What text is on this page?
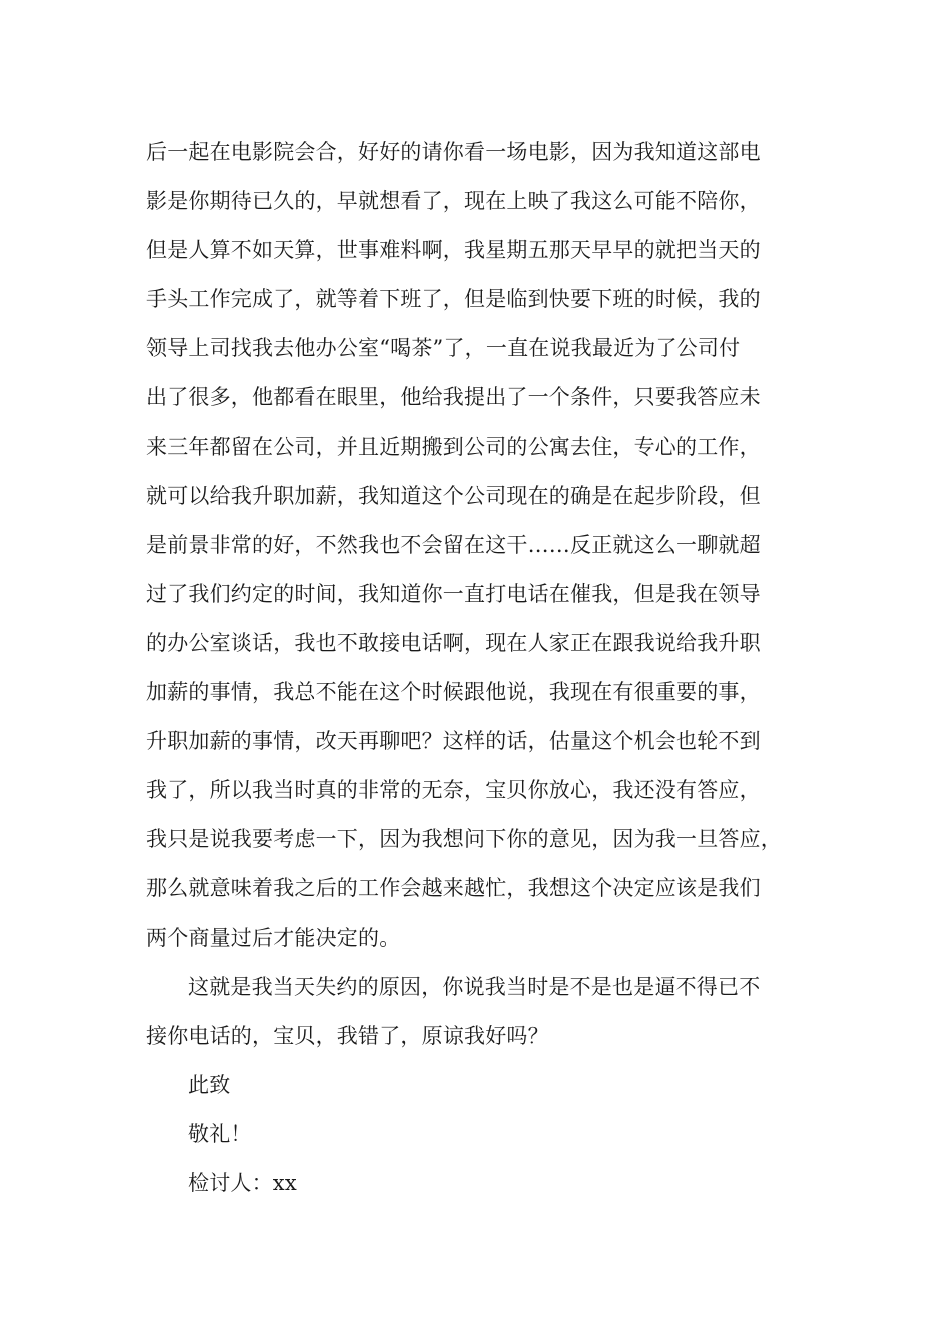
后一起在电影院会合，好好的请你看一场电影，因为我知道这部电
影是你期待已久的，早就想看了，现在上映了我这么可能不陪你，
但是人算不如天算，世事难料啊，我星期五那天早早的就把当天的
手头工作完成了，就等着下班了，但是临到快要下班的时候，我的
领导上司找我去他办公室“喝茶”了，一直在说我最近为了公司付
出了很多，他都看在眼里，他给我提出了一个条件，只要我答应未
来三年都留在公司，并且近期搬到公司的公寓去住，专心的工作，
就可以给我升职加薪，我知道这个公司现在的确是在起步阶段，但
是前景非常的好，不然我也不会留在这干……反正就这么一聊就超
过了我们约定的时间，我知道你一直打电话在催我，但是我在领导
的办公室谈话，我也不敢接电话啊，现在人家正在跟我说给我升职
加薪的事情，我总不能在这个时候跟他说，我现在有很重要的事，
升职加薪的事情，改天再聊吧？这样的话，估量这个机会也轮不到
我了，所以我当时真的非常的无奈，宝贝你放心，我还没有答应，
我只是说我要考虑一下，因为我想问下你的意见，因为我一旦答应，
那么就意味着我之后的工作会越来越忙，我想这个决定应该是我们
两个商量过后才能决定的。
这就是我当天失约的原因，你说我当时是不是也是逼不得已不
接你电话的，宝贝，我错了，原谅我好吗？
此致
敬礼！
检讨人：xx
